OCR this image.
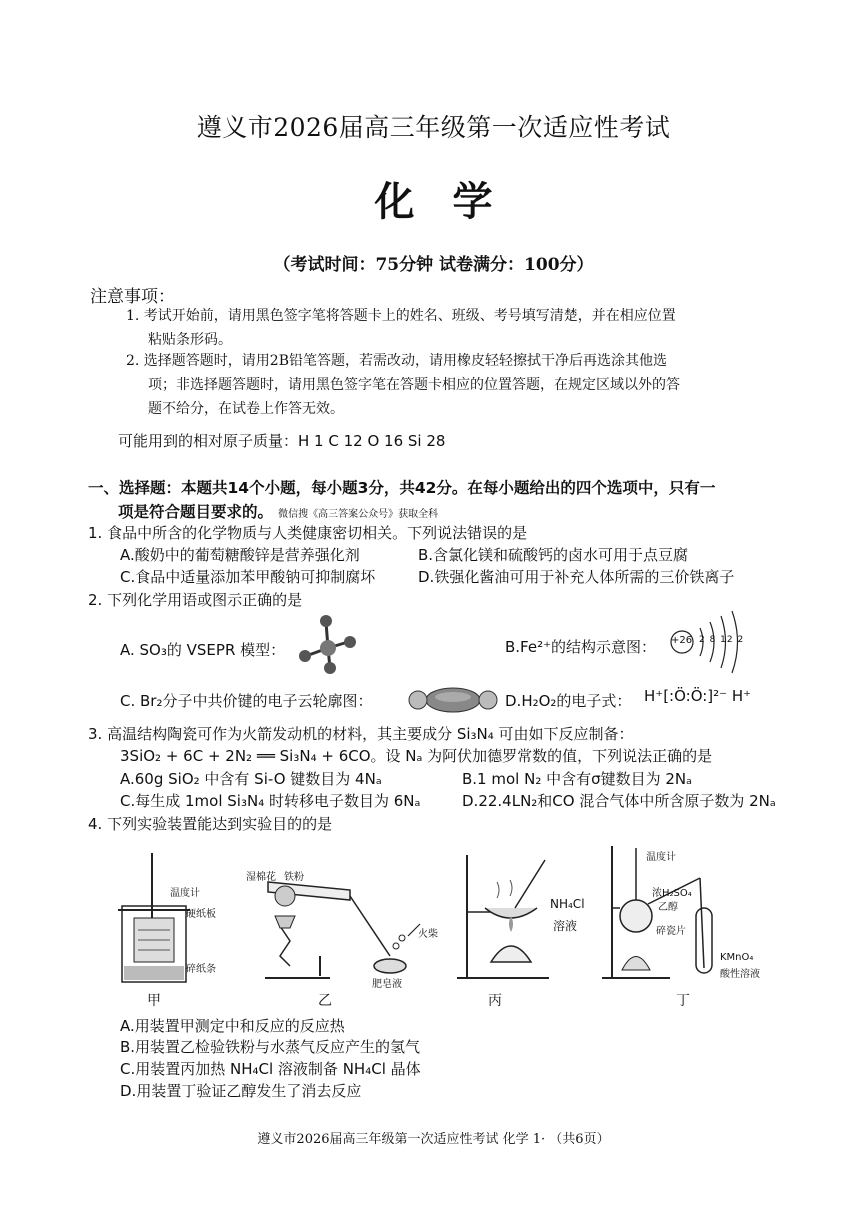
遵义市2026届高三年级第一次适应性考试
化学
（考试时间：75分钟 试卷满分：100分）
注意事项：
1. 考试开始前，请用黑色签字笔将答题卡上的姓名、班级、考号填写清楚，并在相应位置
粘贴条形码。
2. 选择题答题时，请用2B铅笔答题，若需改动，请用橡皮轻轻擦拭干净后再选涂其他选
项；非选择题答题时，请用黑色签字笔在答题卡相应的位置答题，在规定区域以外的答
题不给分，在试卷上作答无效。
可能用到的相对原子质量：H 1 C 12 O 16 Si 28
一、选择题：本题共14个小题，每小题3分，共42分。在每小题给出的四个选项中，只有一
项是符合题目要求的。 微信搜《高三答案公众号》获取全科
1. 食品中所含的化学物质与人类健康密切相关。下列说法错误的是
A.酸奶中的葡萄糖酸锌是营养强化剂	B.含氯化镁和硫酸钙的卤水可用于点豆腐
C.食品中适量添加苯甲酸钠可抑制腐坏	D.铁强化酱油可用于补充人体所需的三价铁离子
2. 下列化学用语或图示正确的是
A. SO₃的 VSEPR 模型：	B.Fe²⁺的结构示意图： +26 2 8 12 2
C. Br₂分子中共价键的电子云轮廓图：	D.H₂O₂的电子式： H⁺[:Ö:Ö:]²⁻ H⁺
3. 高温结构陶瓷可作为火箭发动机的材料，其主要成分 Si₃N₄ 可由如下反应制备：
3SiO₂ + 6C + 2N₂ ══ Si₃N₄ + 6CO。设 Nₐ 为阿伏加德罗常数的值，下列说法正确的是
A.60g SiO₂ 中含有 Si-O 键数目为 4Nₐ	B.1 mol N₂ 中含有σ键数目为 2Nₐ
C.每生成 1mol Si₃N₄ 时转移电子数目为 6Nₐ	D.22.4LN₂和CO 混合气体中所含原子数为 2Nₐ
4. 下列实验装置能达到实验目的的是
温度计
硬纸板
碎纸条
甲
湿棉花 铁粉
火柴
肥皂液
乙
NH₄Cl
溶液
丙
温度计
浓H₂SO₄
乙醇
碎瓷片
KMnO₄
酸性溶液
丁
A.用装置甲测定中和反应的反应热
B.用装置乙检验铁粉与水蒸气反应产生的氢气
C.用装置丙加热 NH₄Cl 溶液制备 NH₄Cl 晶体
D.用装置丁验证乙醇发生了消去反应
遵义市2026届高三年级第一次适应性考试 化学 1· （共6页）
